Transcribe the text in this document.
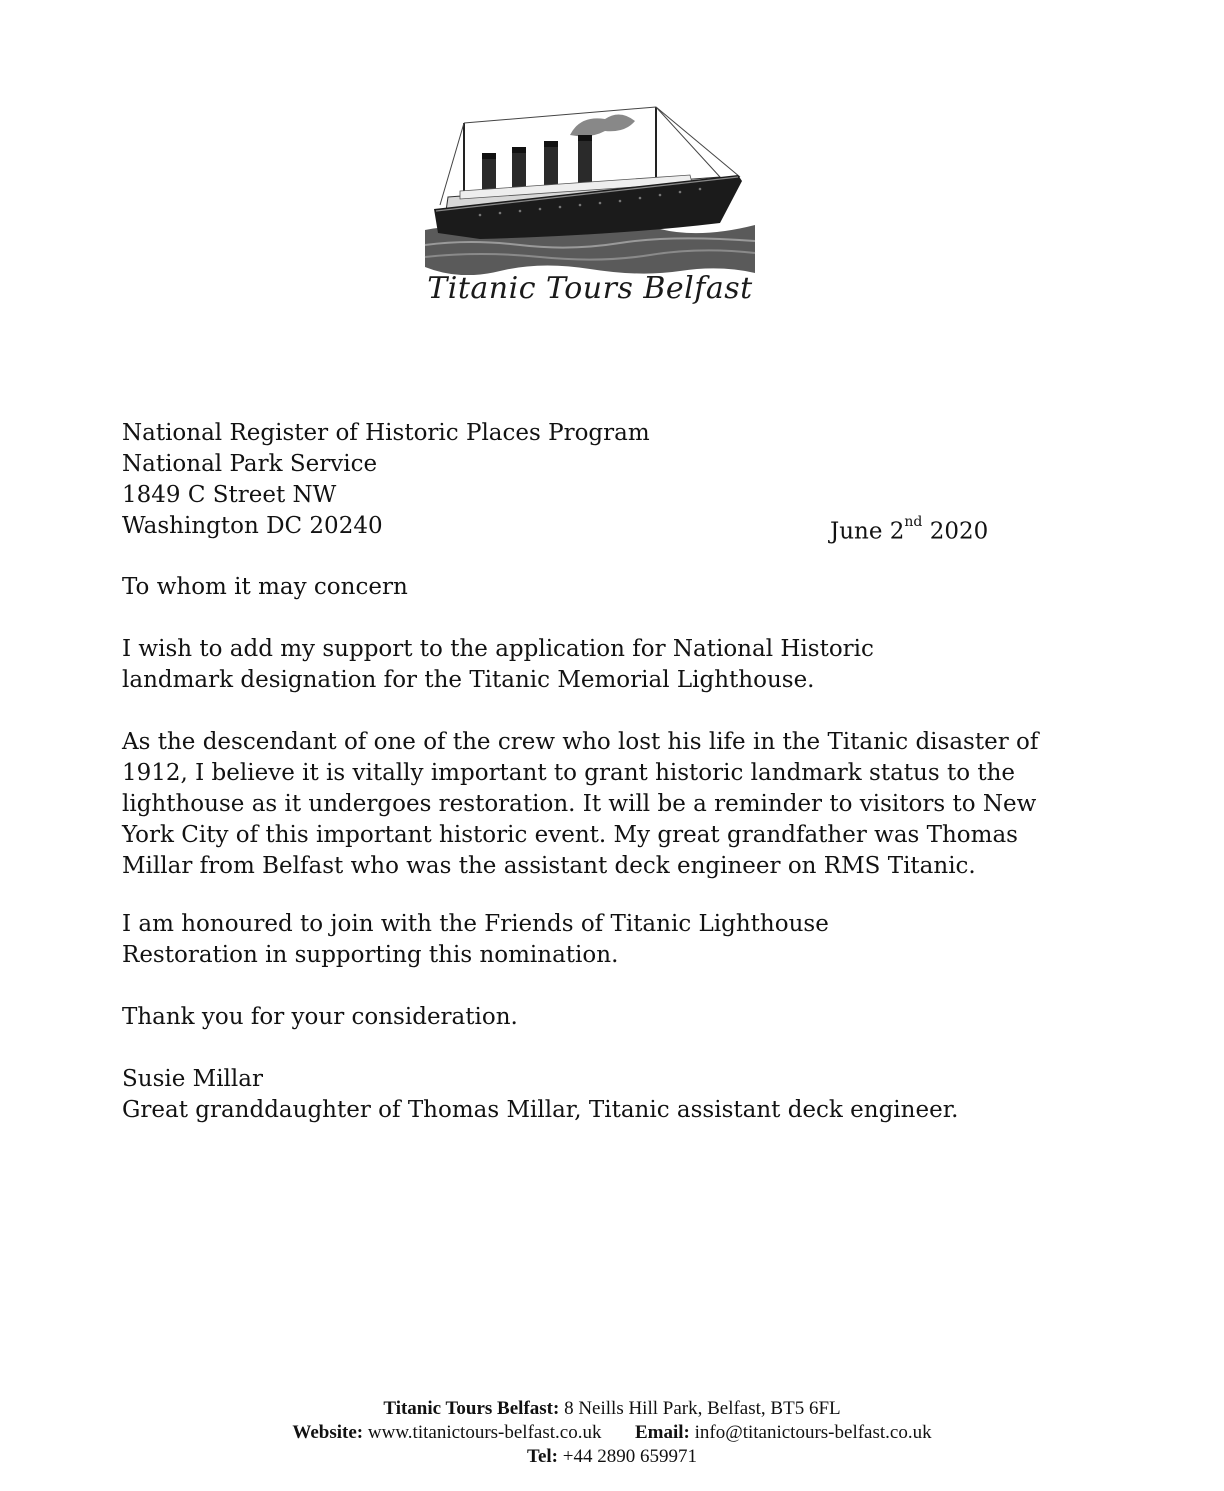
Titanic Tours Belfast
National Register of Historic Places Program
National Park Service
1849 C Street NW
Washington DC 20240	June 2nd 2020

To whom it may concern

I wish to add my support to the application for National Historic landmark designation for the Titanic Memorial Lighthouse.

As the descendant of one of the crew who lost his life in the Titanic disaster of 1912, I believe it is vitally important to grant historic landmark status to the lighthouse as it undergoes restoration. It will be a reminder to visitors to New York City of this important historic event. My great grandfather was Thomas Millar from Belfast who was the assistant deck engineer on RMS Titanic.

I am honoured to join with the Friends of Titanic Lighthouse Restoration in supporting this nomination.

Thank you for your consideration.

Susie Millar
Great granddaughter of Thomas Millar, Titanic assistant deck engineer.
Titanic Tours Belfast: 8 Neills Hill Park, Belfast, BT5 6FL
Website: www.titanictours-belfast.co.uk Email: info@titanictours-belfast.co.uk
Tel: +44 2890 659971
